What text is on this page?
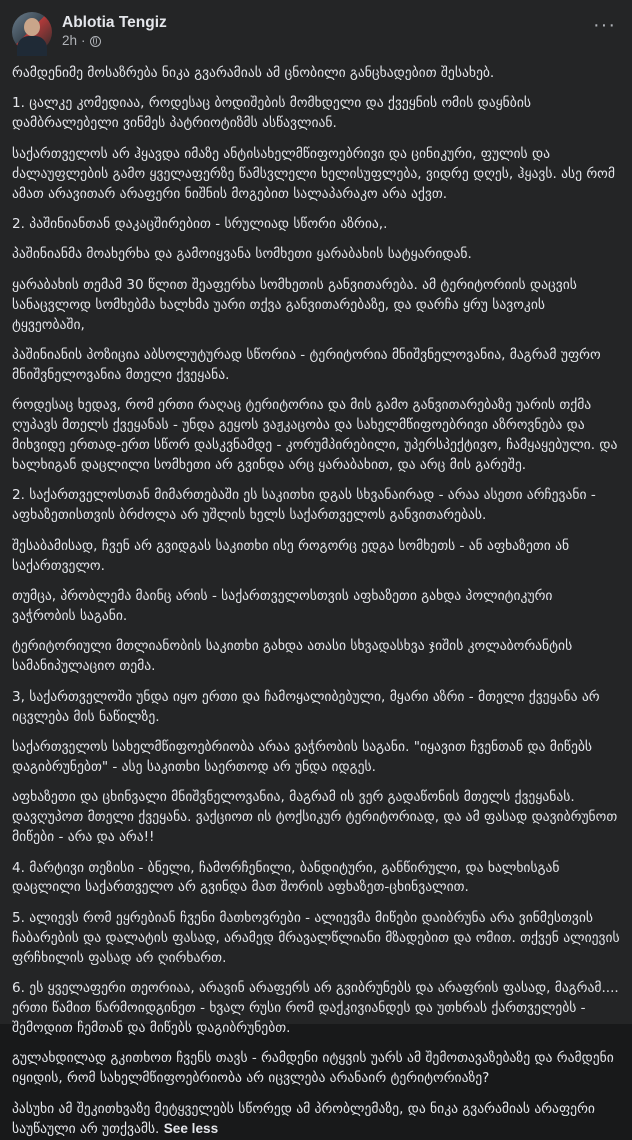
Ablotia Tengiz
2h ·
···

რამდენიმე მოსაზრება ნიკა გვარამიას ამ ცნობილი განცხადებით შესახებ.

1. ცალკე კომედიაა, როდესაც ბოდიშების მომხდელი და ქვეყნის ომის დაყნბის დამბრალებელი ვინმეს პატრიოტიზმს ასწავლიან.

საქართველოს არ ჰყავდა იმაზე ანტისახელმწიფოებრივი და ცინიკური, ფულის და ძალაუფლების გამო ყველაფერზე წამსვლელი ხელისუფლება, ვიდრე დღეს, ჰყავს. ასე რომ ამათ არავითარ არაფერი ნიშნის მოგებით სალაპარაკო არა აქვთ.

2. პაშინიანთან დაკაცშირებით - სრულიად სწორი აზრია,.

პაშინიანმა მოახერხა და გამოიყვანა სომხეთი ყარაბახის სატყარიდან.

ყარაბახის თემამ 30 წლით შეაფერხა სომხეთის განვითარება. ამ ტერიტორიის დაცვის სანაცვლოდ სომხებმა ხალხმა უარი თქვა განვითარებაზე, და დარჩა ყრუ სავოკის ტყვეობაში,

პაშინიანის პოზიცია აბსოლუტურად სწორია - ტერიტორია მნიშვნელოვანია, მაგრამ უფრო მნიშვნელოვანია მთელი ქვეყანა.

როდესაც ხედავ, რომ ერთი რაღაც ტერიტორია და მის გამო განვითარებაზე უარის თქმა ღუპავს მთელს ქვეყანას - უნდა გეყოს ვაჟკაცობა და სახელმწიფოებრივი აზროვნება და მიხვიდე ერთად-ერთ სწორ დასკვნამდე - კორუმპირებილი, უპერსპექტივო, ჩამყაყებული. და ხალხიგან დაცლილი სომხეთი არ გვინდა არც ყარაბახით, და არც მის გარეშე.

2. საქართველოსთან მიმართებაში ეს საკითხი დგას სხვანაირად - არაა ასეთი არჩევანი - აფხაზეთისთვის ბრძოლა არ უშლის ხელს საქართველოს განვითარებას.

შესაბამისად, ჩვენ არ გვიდგას საკითხი ისე როგორც ედგა სომხეთს - ან აფხაზეთი ან საქართველო.

თუმცა, პრობლემა მაინც არის - საქართველოსთვის აფხაზეთი გახდა პოლიტიკური ვაჭრობის საგანი.

ტერიტორიული მთლიანობის საკითხი გახდა ათასი სხვადასხვა ჯიშის კოლაბორანტის სამანიპულაციო თემა.

3, საქართველოში უნდა იყო ერთი და ჩამოყალიბებული, მყარი აზრი - მთელი ქვეყანა არ იცვლება მის ნაწილზე.

საქართველოს სახელმწიფოებრიობა არაა ვაჭრობის საგანი. "იყავით ჩვენთან და მიწებს დაგიბრუნებთ" - ასე საკითხი საერთოდ არ უნდა იდგეს.

აფხაზეთი და ცხინვალი მნიშვნელოვანია, მაგრამ ის ვერ გადაწონის მთელს ქვეყანას. დავღუპოთ მთელი ქვეყანა. ვაქციოთ ის ტოქსიკურ ტერიტორიად, და ამ ფასად დავიბრუნოთ მიწები - არა და არა!!

4. მარტივი თეზისი - ბნელი, ჩამორჩენილი, ბანდიტური, განწირული, და ხალხისგან დაცლილი საქართველო არ გვინდა მათ შორის აფხაზეთ-ცხინვალით.

5. ალიევს რომ ეყრებიან ჩვენი მათხოვრები - ალიევმა მიწები დაიბრუნა არა ვინმესთვის ჩაბარების და დალატის ფასად, არამედ მრავალწლიანი მზადებით და ომით. თქვენ ალიევის ფრჩხილის ფასად არ ღირხართ.

6. ეს ყველაფერი თეორიაა, არავინ არაფერს არ გვიბრუნებს და არაფრის ფასად, მაგრამ.... ერთი წამით წარმოიდგინეთ - ხვალ რუსი რომ დაქკივიანდეს და უთხრას ქართველებს - შემოდით ჩემთან და მიწებს დაგიბრუნებთ.

გულახდილად გკითხოთ ჩვენს თავს - რამდენი იტყვის უარს ამ შემოთავაზებაზე და რამდენი იყიდის, რომ სახელმწიფოებრიობა არ იცვლება არანაირ ტერიტორიაზე?

პასუხი ამ შეკითხვაზე მეტყველებს სწორედ ამ პრობლემაზე, და ნიკა გვარამიას არაფერი საუწაული არ უთქვამს. See less
